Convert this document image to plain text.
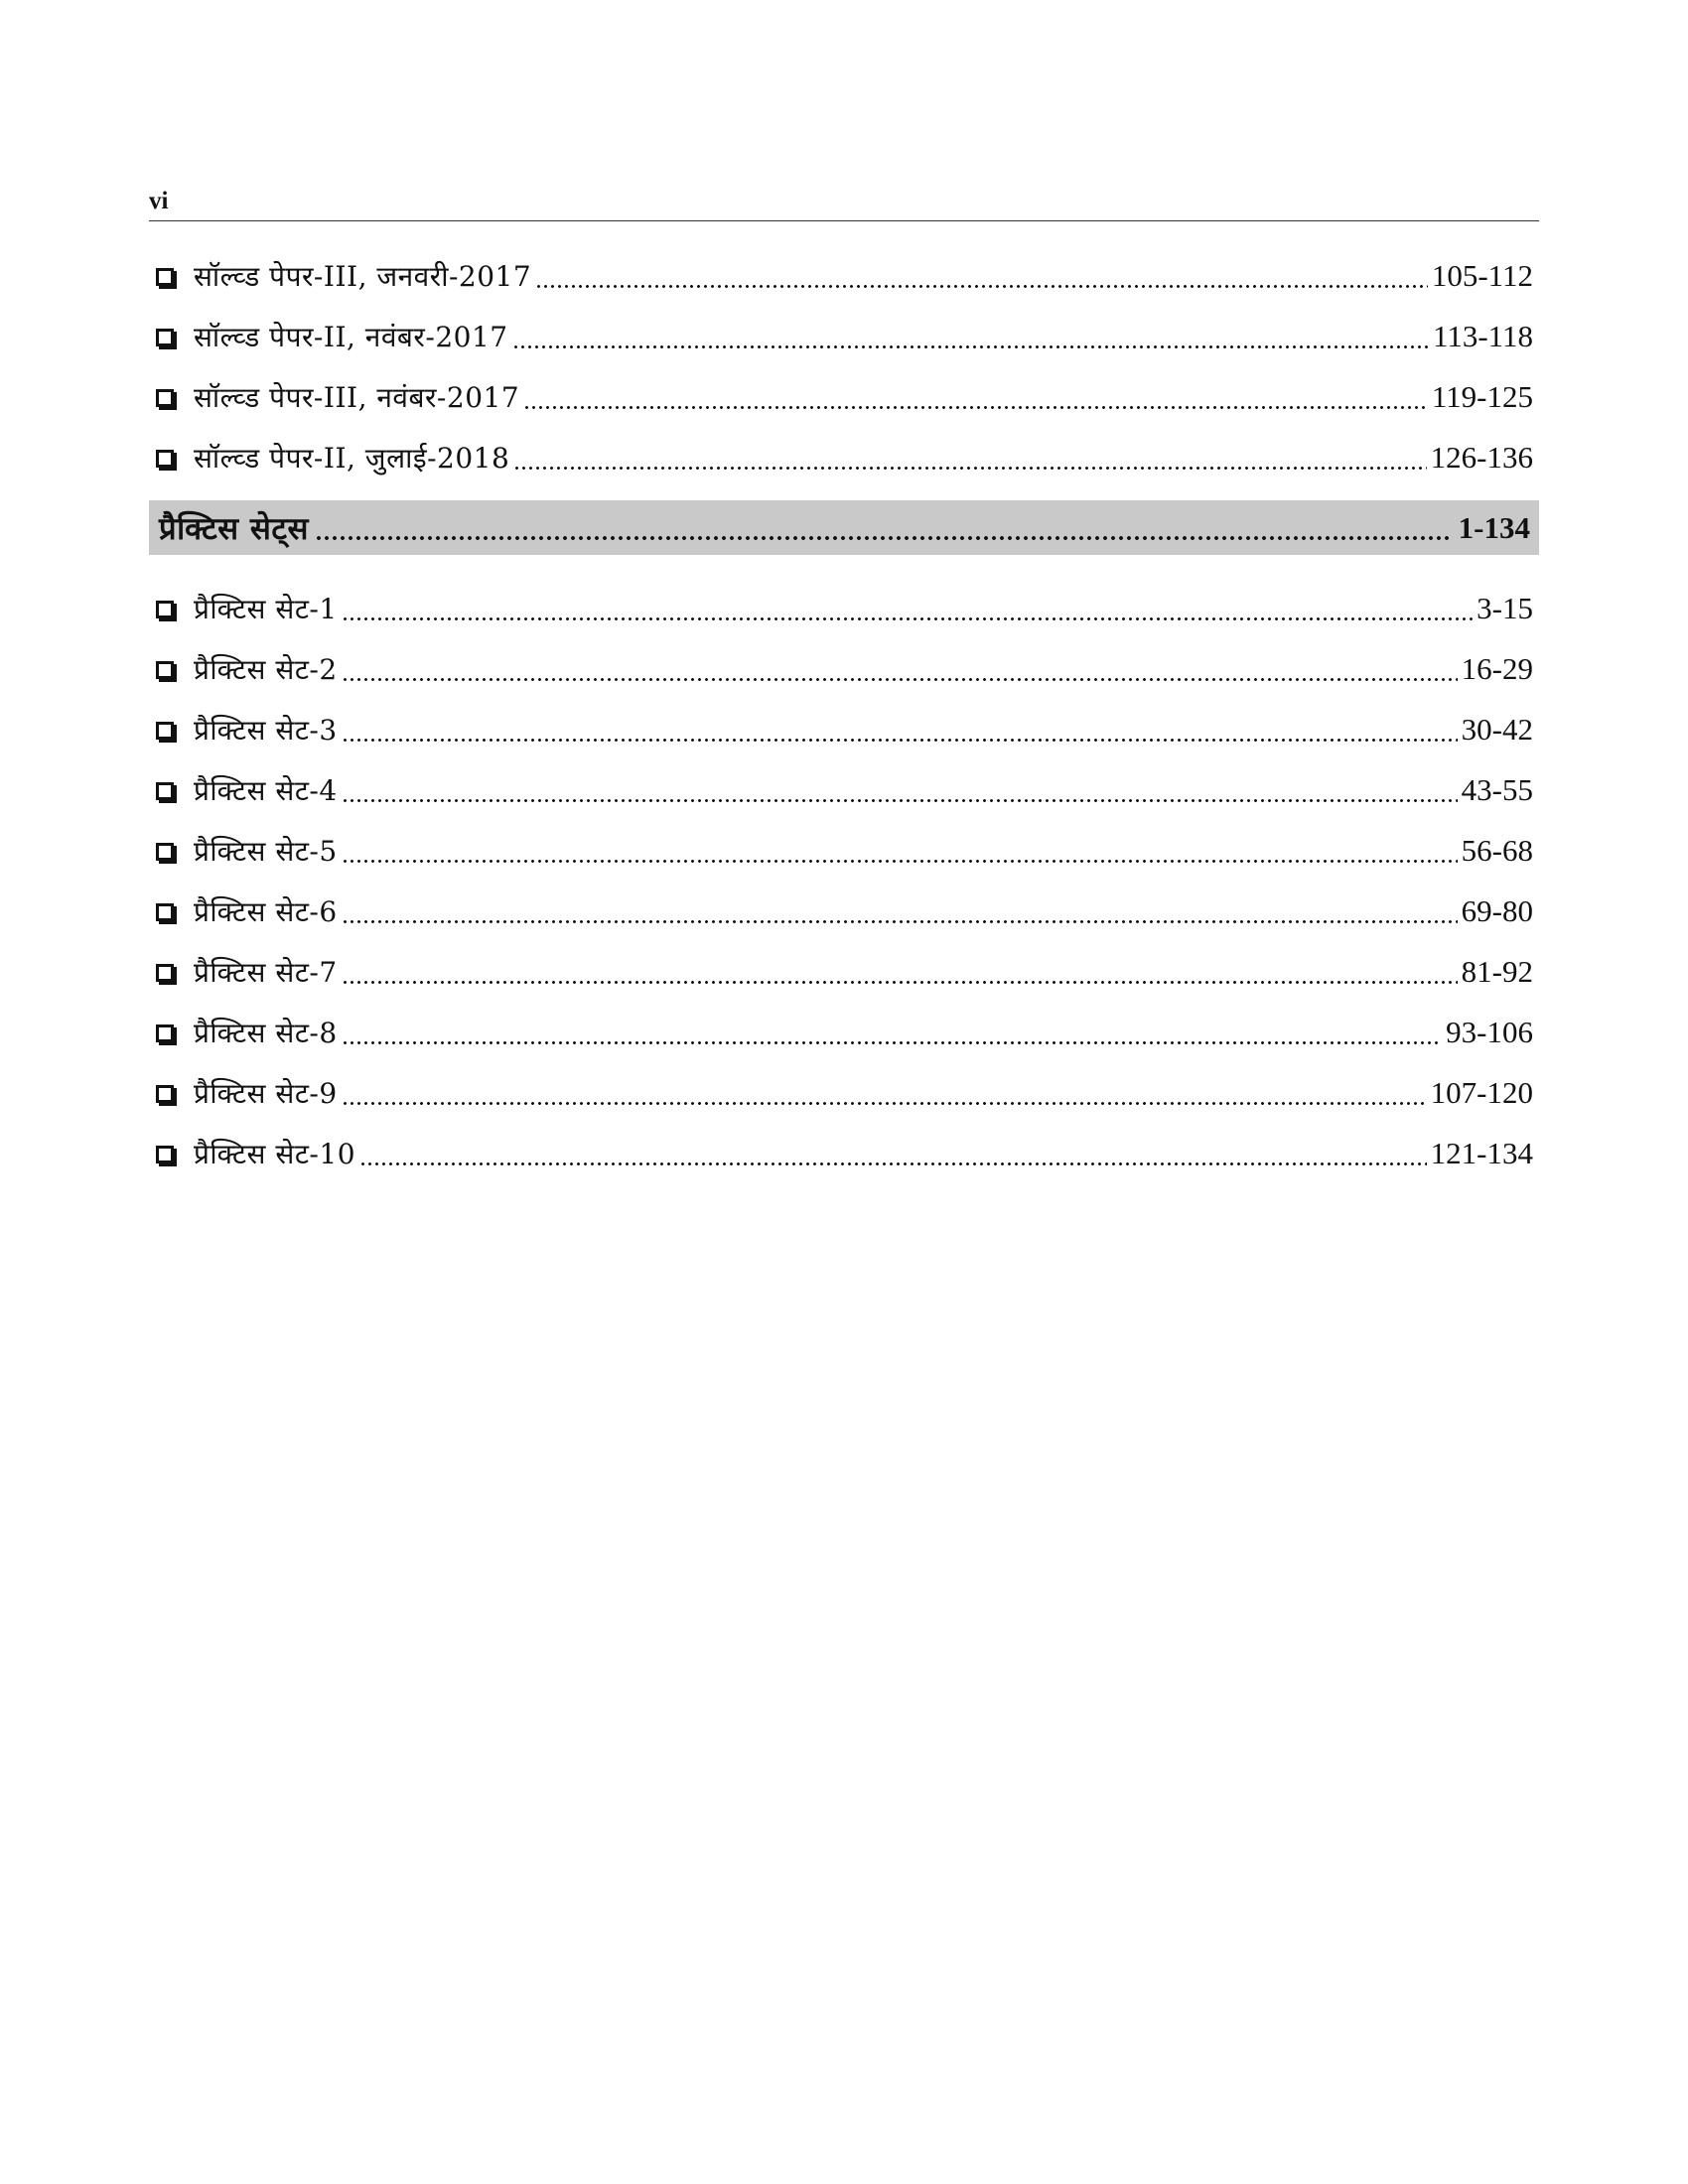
vi
सॉल्व्ड पेपर-III, जनवरी-2017	105-112
सॉल्व्ड पेपर-II, नवंबर-2017	113-118
सॉल्व्ड पेपर-III, नवंबर-2017	119-125
सॉल्व्ड पेपर-II, जुलाई-2018	126-136
प्रैक्टिस सेट्स	1-134
प्रैक्टिस सेट-1	3-15
प्रैक्टिस सेट-2	16-29
प्रैक्टिस सेट-3	30-42
प्रैक्टिस सेट-4	43-55
प्रैक्टिस सेट-5	56-68
प्रैक्टिस सेट-6	69-80
प्रैक्टिस सेट-7	81-92
प्रैक्टिस सेट-8	93-106
प्रैक्टिस सेट-9	107-120
प्रैक्टिस सेट-10	121-134
